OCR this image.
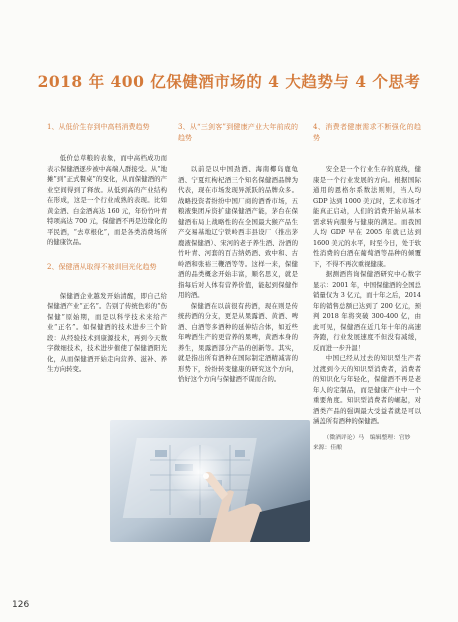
2018 年 400 亿保健酒市场的 4 大趋势与 4 个思考

1、从低价生存到中高档消费趋势

低价总草粮的表象，而中高档成功而表示保健酒逐步被中高端人群接受。从“地摊”到“正式餐桌”的变化，从而保健酒的产业空间得到了释放。从低到高的产业结构在形成，这是一个行业成熟的表现。比如黄金酒、白金酒高达 160 元，年份竹叶青特项高达 700 元，保健酒不再是边缘化的平民酒，“去草根化”，而是各类消费场所的健康饮品。

2、保健酒从取得不被训回光化趋势

保健酒企业越发开始清醒，即自己给保健酒产业“正名”。告别了传统色彩的“伤保健”原始期，而是以科学技术来给产业“正名”。如保健酒的技术进步三个阶段：从经验技术到康源技术，再到今天数字微细技术，技术进步催使了保健酒阳光化，从而保健酒开始走向营养、滋补、养生方向转变。

3、从“三剑客”到健康产业大年前成的趋势

以前是以中国劲酒、海南椰岛鹿龟酒、宁夏红枸杞酒三个知名保健酒品牌为代表，现在市场发现异派跃的品牌众多。战略投资者纷纷中国厂商的酒香市场，五粮液集团斥资扩建保健酒产能，茅台在保健酒布局上战略性的在全国最大猴产品生产交易基地辽宁铁岭西丰县设厂（推出茅鹿液保健酒）、宋河的老子养生酒、汾酒的竹叶青、河套的百吉纳奶酒、致中和、古岭酒和张裕三鞭酒等等。这样一来，保健酒的品类概念开始丰富，顺名思义，就是指每后对人体有营养价值，能起到保健作用的酒。

保健酒在以前很有药酒，现在则是传统药酒的分支，更是从果露酒、黄酒、啤酒、白酒等多酒种的延伸结合体，如近些年啤酒生产的更营养的果啤，黄酒本身的养生，果露酒部分产品的创新等。其实，就是指出所有酒种在国际制定酒精减害的形势下，纷纷转变健康的研究这个方向，恰好这个方向与保健酒不谋而合的。

4、消费者健康需求不断强化的趋势

安全是一个行业生存的底线，健康是一个行业发展的方向。根据国际通用的恩格尔系数法则则，当人均 GDP 达到 1000 美元时，艺术市场才能真正启动，人们的消费开始从基本需求转向服务与健康的满足。而我国人均 GDP 早在 2005 年就已达到 1600 美元的水平，时至今日，处于软性消费的白酒在葡萄酒等品种的倾覆下，不得不再次重视健康。

据测酒咨询保健酒研究中心数字显示：2001 年，中国保健酒的全国总销量仅为 3 亿元，而十年之后，2014 年的销售总额已达到了 200 亿元，预判 2018 年将突破 300-400 亿，由此可见，保健酒在近几年十年的高速奔跑，行业发展速度不但没有减缓，反而进一步升温！

中国已经从过去的知识型生产者过渡到今天的知识型消费者，消费者的知识化与年轻化，保健酒不再是老年人的定制品，而是健康产业中一个重要角度。知识型消费者的崛起，对酒类产品的强调最大受益者就是可以涵盖所有酒种的保健酒。

（微酒评论）马　编辑整理：官妙

来源：佳酿

126
